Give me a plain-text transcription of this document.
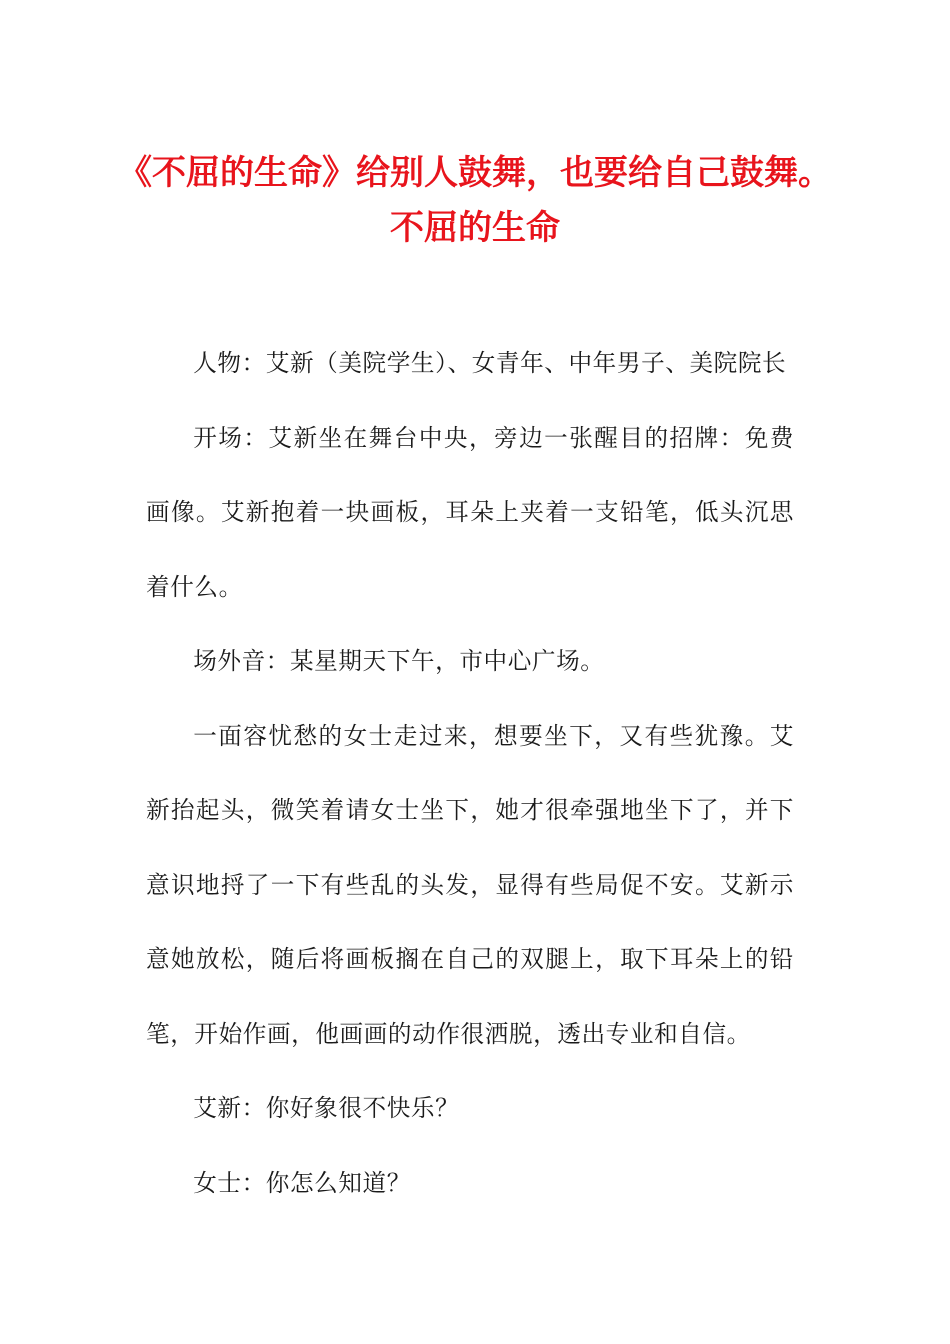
《不屈的生命》给别人鼓舞，也要给自己鼓舞。 不屈的生命

人物：艾新（美院学生）、女青年、中年男子、美院院长

开场：艾新坐在舞台中央，旁边一张醒目的招牌：免费画像。艾新抱着一块画板，耳朵上夹着一支铅笔，低头沉思着什么。

场外音：某星期天下午，市中心广场。

一面容忧愁的女士走过来，想要坐下，又有些犹豫。艾新抬起头，微笑着请女士坐下，她才很牵强地坐下了，并下意识地捋了一下有些乱的头发，显得有些局促不安。艾新示意她放松，随后将画板搁在自己的双腿上，取下耳朵上的铅笔，开始作画，他画画的动作很洒脱，透出专业和自信。

艾新：你好象很不快乐？

女士：你怎么知道？
